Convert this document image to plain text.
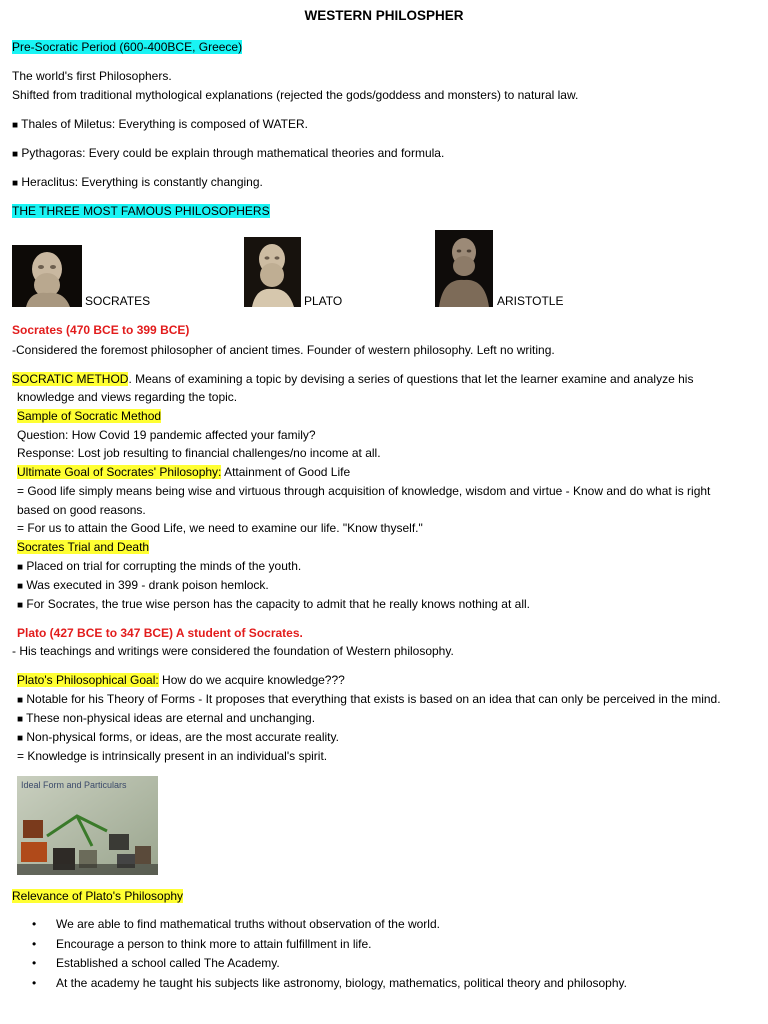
WESTERN PHILOSPHER
Pre-Socratic Period (600-400BCE, Greece)
The world's first Philosophers.
Shifted from traditional mythological explanations (rejected the gods/goddess and monsters) to natural law.
■ Thales of Miletus: Everything is composed of WATER.
■ Pythagoras: Every could be explain through mathematical theories and formula.
■ Heraclitus: Everything is constantly changing.
THE THREE MOST FAMOUS PHILOSOPHERS
SOCRATES	PLATO	ARISTOTLE
Socrates (470 BCE to 399 BCE)
-Considered the foremost philosopher of ancient times. Founder of western philosophy. Left no writing.
SOCRATIC METHOD. Means of examining a topic by devising a series of questions that let the learner examine and analyze his
knowledge and views regarding the topic.
Sample of Socratic Method
Question: How Covid 19 pandemic affected your family?
Response: Lost job resulting to financial challenges/no income at all.
Ultimate Goal of Socrates' Philosophy: Attainment of Good Life
= Good life simply means being wise and virtuous through acquisition of knowledge, wisdom and virtue - Know and do what is right
based on good reasons.
= For us to attain the Good Life, we need to examine our life. "Know thyself."
Socrates Trial and Death
■ Placed on trial for corrupting the minds of the youth.
■ Was executed in 399 - drank poison hemlock.
■ For Socrates, the true wise person has the capacity to admit that he really knows nothing at all.
Plato (427 BCE to 347 BCE) A student of Socrates.
- His teachings and writings were considered the foundation of Western philosophy.
Plato's Philosophical Goal: How do we acquire knowledge???
■ Notable for his Theory of Forms - It proposes that everything that exists is based on an idea that can only be perceived in the mind.
■ These non-physical ideas are eternal and unchanging.
■ Non-physical forms, or ideas, are the most accurate reality.
= Knowledge is intrinsically present in an individual's spirit.
Ideal Form and Particulars
Relevance of Plato's Philosophy
• We are able to find mathematical truths without observation of the world.
• Encourage a person to think more to attain fulfillment in life.
• Established a school called The Academy.
• At the academy he taught his subjects like astronomy, biology, mathematics, political theory and philosophy.
